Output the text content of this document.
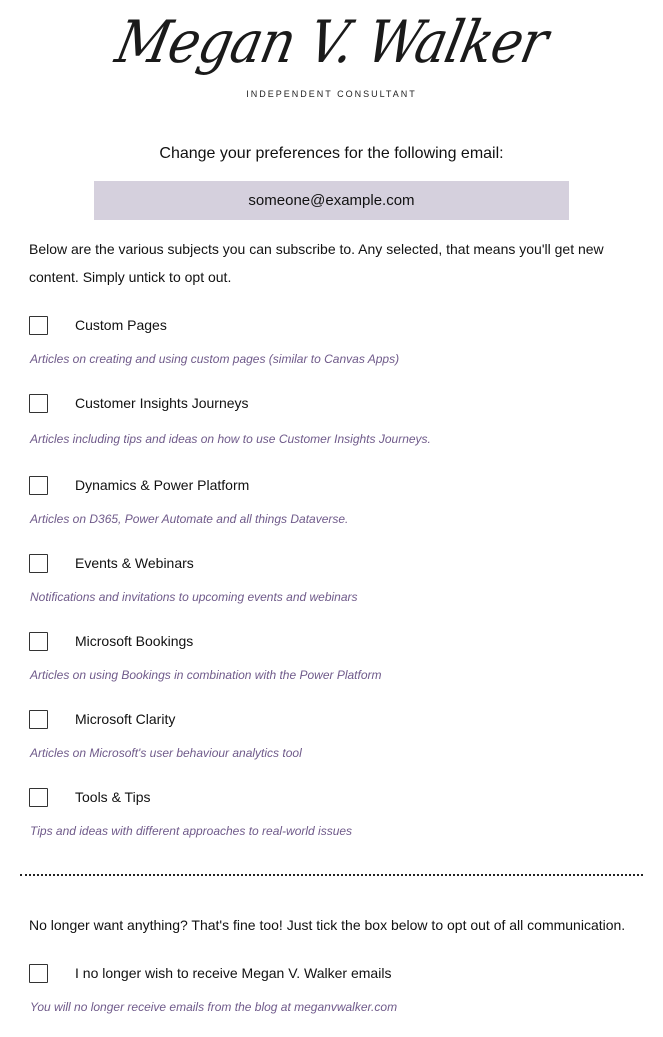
Megan V. Walker
INDEPENDENT CONSULTANT
Change your preferences for the following email:
someone@example.com
Below are the various subjects you can subscribe to. Any selected, that means you'll get new content. Simply untick to opt out.
Custom Pages
Articles on creating and using custom pages (similar to Canvas Apps)
Customer Insights Journeys
Articles including tips and ideas on how to use Customer Insights Journeys.
Dynamics & Power Platform
Articles on D365, Power Automate and all things Dataverse.
Events & Webinars
Notifications and invitations to upcoming events and webinars
Microsoft Bookings
Articles on using Bookings in combination with the Power Platform
Microsoft Clarity
Articles on Microsoft's user behaviour analytics tool
Tools & Tips
Tips and ideas with different approaches to real-world issues
No longer want anything? That's fine too! Just tick the box below to opt out of all communication.
I no longer wish to receive Megan V. Walker emails
You will no longer receive emails from the blog at meganvwalker.com
